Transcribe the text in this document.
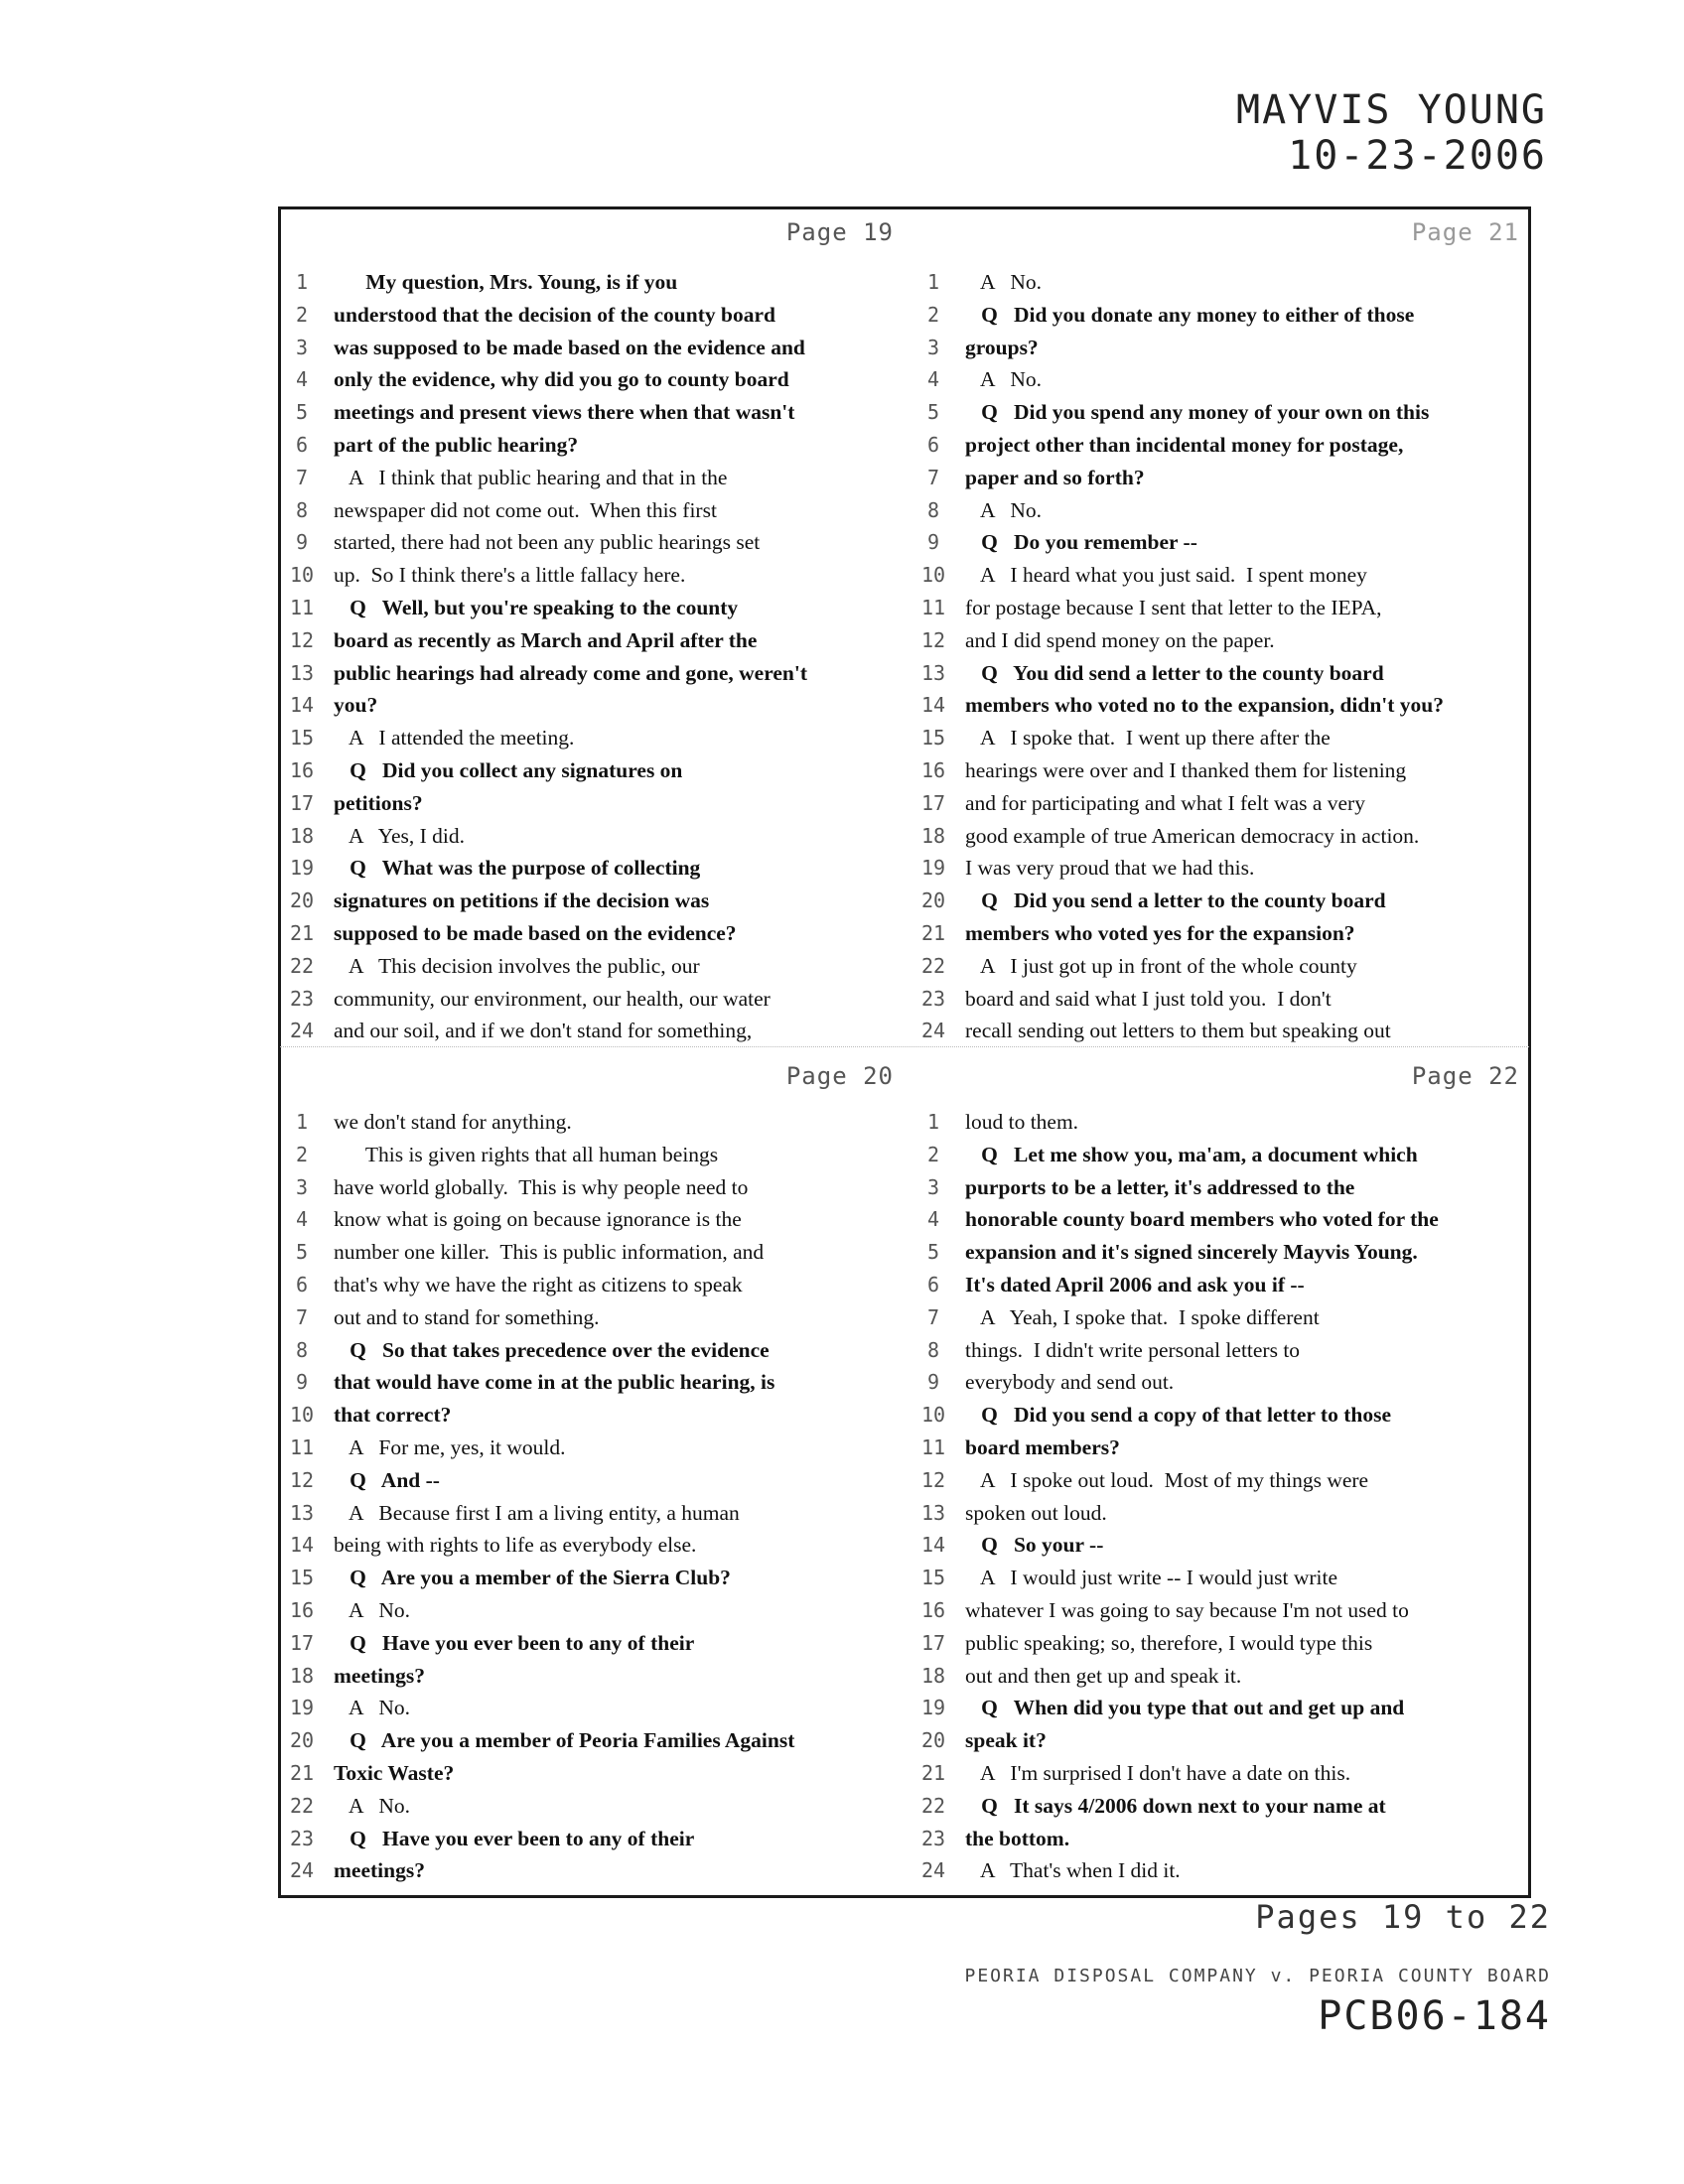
MAYVIS YOUNG
10-23-2006
Page 19
1      My question, Mrs. Young, is if you
2 understood that the decision of the county board
3 was supposed to be made based on the evidence and
4 only the evidence, why did you go to county board
5 meetings and present views there when that wasn't
6 part of the public hearing?
7   A   I think that public hearing and that in the
8 newspaper did not come out.  When this first
9 started, there had not been any public hearings set
10 up.  So I think there's a little fallacy here.
11   Q   Well, but you're speaking to the county
12 board as recently as March and April after the
13 public hearings had already come and gone, weren't
14 you?
15   A   I attended the meeting.
16   Q   Did you collect any signatures on
17 petitions?
18   A   Yes, I did.
19   Q   What was the purpose of collecting
20 signatures on petitions if the decision was
21 supposed to be made based on the evidence?
22   A   This decision involves the public, our
23 community, our environment, our health, our water
24 and our soil, and if we don't stand for something,
Page 21
1   A   No.
2   Q   Did you donate any money to either of those
3 groups?
4   A   No.
5   Q   Did you spend any money of your own on this
6 project other than incidental money for postage,
7 paper and so forth?
8   A   No.
9   Q   Do you remember --
10   A   I heard what you just said.  I spent money
11 for postage because I sent that letter to the IEPA,
12 and I did spend money on the paper.
13   Q   You did send a letter to the county board
14 members who voted no to the expansion, didn't you?
15   A   I spoke that.  I went up there after the
16 hearings were over and I thanked them for listening
17 and for participating and what I felt was a very
18 good example of true American democracy in action.
19 I was very proud that we had this.
20   Q   Did you send a letter to the county board
21 members who voted yes for the expansion?
22   A   I just got up in front of the whole county
23 board and said what I just told you.  I don't
24 recall sending out letters to them but speaking out
Page 20
1 we don't stand for anything.
2      This is given rights that all human beings
3 have world globally.  This is why people need to
4 know what is going on because ignorance is the
5 number one killer.  This is public information, and
6 that's why we have the right as citizens to speak
7 out and to stand for something.
8   Q   So that takes precedence over the evidence
9 that would have come in at the public hearing, is
10 that correct?
11   A   For me, yes, it would.
12   Q   And --
13   A   Because first I am a living entity, a human
14 being with rights to life as everybody else.
15   Q   Are you a member of the Sierra Club?
16   A   No.
17   Q   Have you ever been to any of their
18 meetings?
19   A   No.
20   Q   Are you a member of Peoria Families Against
21 Toxic Waste?
22   A   No.
23   Q   Have you ever been to any of their
24 meetings?
Page 22
1 loud to them.
2   Q   Let me show you, ma'am, a document which
3 purports to be a letter, it's addressed to the
4 honorable county board members who voted for the
5 expansion and it's signed sincerely Mayvis Young.
6 It's dated April 2006 and ask you if --
7   A   Yeah, I spoke that.  I spoke different
8 things.  I didn't write personal letters to
9 everybody and send out.
10   Q   Did you send a copy of that letter to those
11 board members?
12   A   I spoke out loud.  Most of my things were
13 spoken out loud.
14   Q   So your --
15   A   I would just write -- I would just write
16 whatever I was going to say because I'm not used to
17 public speaking; so, therefore, I would type this
18 out and then get up and speak it.
19   Q   When did you type that out and get up and
20 speak it?
21   A   I'm surprised I don't have a date on this.
22   Q   It says 4/2006 down next to your name at
23 the bottom.
24   A   That's when I did it.
Pages 19 to 22
PEORIA DISPOSAL COMPANY v. PEORIA COUNTY BOARD
PCB06-184
